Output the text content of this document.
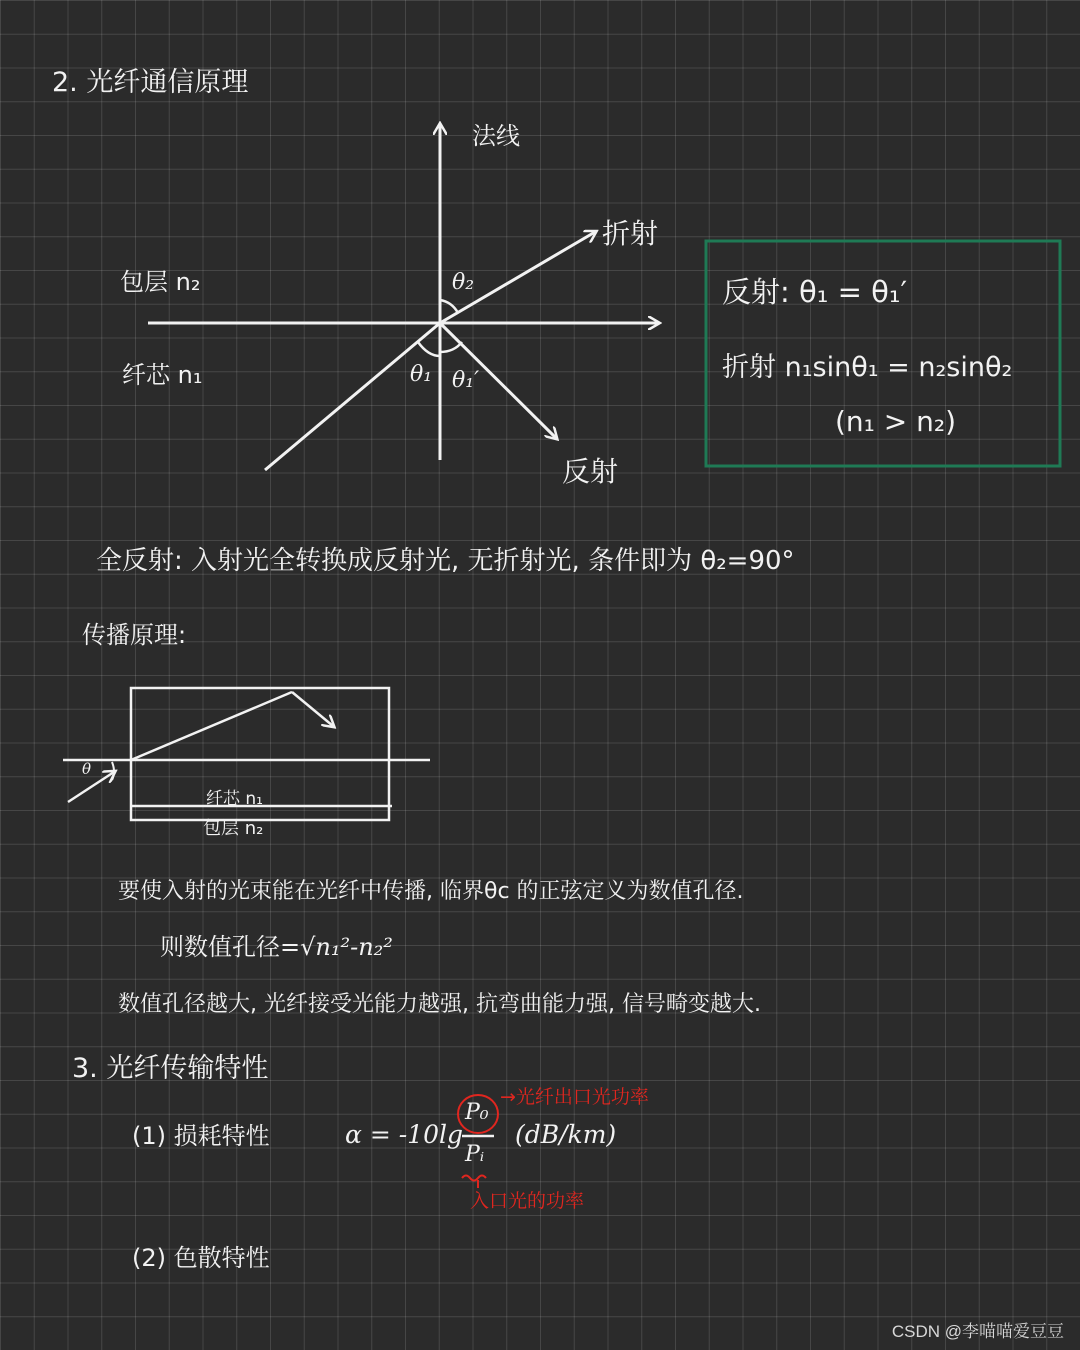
2. 光纤通信原理
法线
折射
包层 n₂
纤芯 n₁
θ₂
θ₁ θ₁′
反射
反射: θ₁ = θ₁′
折射 n₁sinθ₁ = n₂sinθ₂
(n₁ > n₂)
全反射: 入射光全转换成反射光, 无折射光, 条件即为 θ₂=90°
传播原理:
θ
纤芯 n₁
包层 n₂
要使入射的光束能在光纤中传播, 临界θc 的正弦定义为数值孔径.
则数值孔径=√n₁²-n₂²
数值孔径越大, 光纤接受光能力越强, 抗弯曲能力强, 信号畸变越大.
3. 光纤传输特性
(1) 损耗特性	α = -10lg
P₀
Pᵢ
(dB/km)
→光纤出口光功率
入口光的功率
(2) 色散特性
CSDN @李喵喵爱豆豆
